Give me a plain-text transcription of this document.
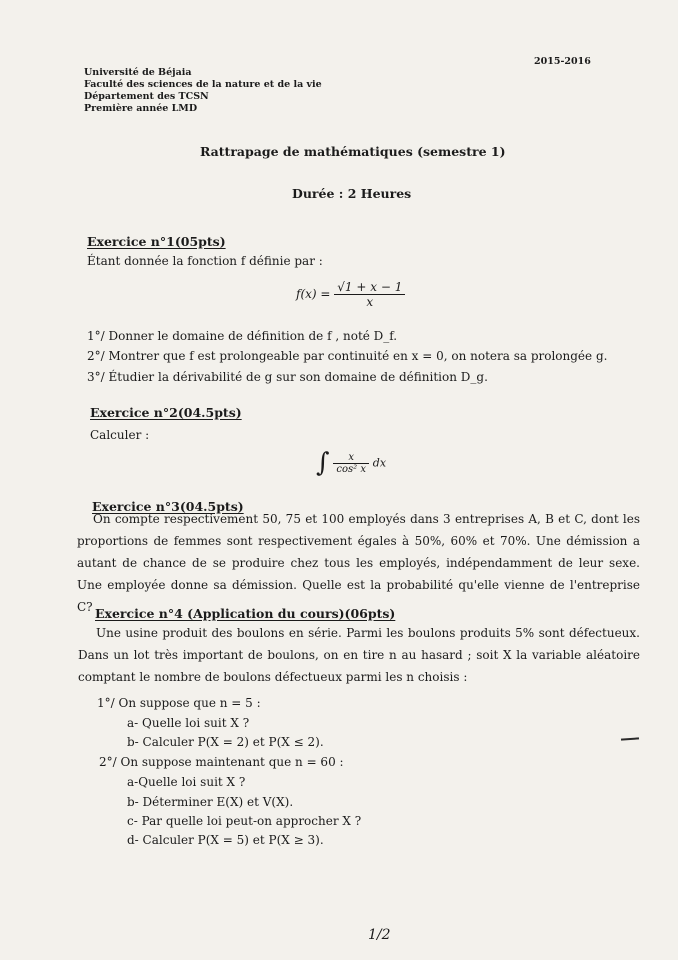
Université de Béjaia
Faculté des sciences de la nature et de la vie
Département des TCSN
Première année LMD
2015-2016
Rattrapage de mathématiques (semestre 1)
Durée : 2 Heures
Exercice n°1(05pts)
Étant donnée la fonction f définie par :
$f(x) = \frac{√1 + x - 1}{x}$
1°/ Donner le domaine de définition de f , noté D_f.
2°/ Montrer que f est prolongeable par continuité en x = 0, on notera sa prolongée g.
3°/ Étudier la dérivabilité de g sur son domaine de définition D_g.
Exercice n°2(04.5pts)
Calculer :
∫ $\frac{x}{\text{cos² x}}$ dx
Exercice n°3(04.5pts)
On compte respectivement 50, 75 et 100 employés dans 3 entreprises A, B et C, dont les proportions de femmes sont respectivement égales à 50%, 60% et 70%. Une démission a autant de chance de se produire chez tous les employés, indépendamment de leur sexe. Une employée donne sa démission. Quelle est la probabilité qu'elle vienne de l'entreprise C? Exercice n°4 (Application du cours)(06pts)
Une usine produit des boulons en série. Parmi les boulons produits 5% sont défectueux. Dans un lot très important de boulons, on en tire n au hasard ; soit X la variable aléatoire comptant le nombre de boulons défectueux parmi les n choisis :
1°/ On suppose que n = 5 :
a- Quelle loi suit X ?
b- Calculer P(X = 2) et P(X ≤ 2).
2°/ On suppose maintenant que n = 60 :
a-Quelle loi suit X ?
b- Déterminer E(X) et V(X).
c- Par quelle loi peut-on approcher X ?
d- Calculer P(X = 5) et P(X ≥ 3).
1/2
